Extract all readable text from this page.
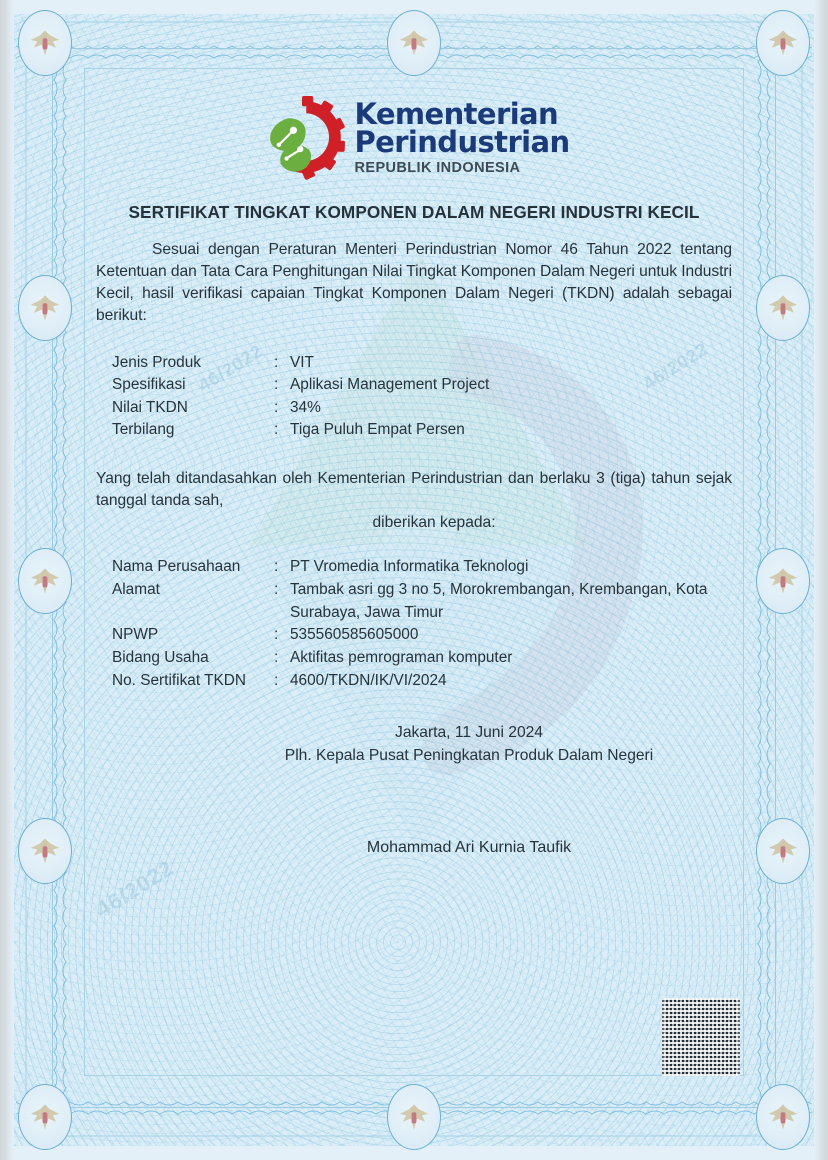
46/2022
46/2022	46/2022
Kementerian
Perindustrian
REPUBLIK INDONESIA
SERTIFIKAT TINGKAT KOMPONEN DALAM NEGERI INDUSTRI KECIL

Sesuai dengan Peraturan Menteri Perindustrian Nomor 46 Tahun 2022 tentang Ketentuan dan Tata Cara Penghitungan Nilai Tingkat Komponen Dalam Negeri untuk Industri Kecil, hasil verifikasi capaian Tingkat Komponen Dalam Negeri (TKDN) adalah sebagai berikut:

Jenis Produk	:	VIT
Spesifikasi	:	Aplikasi Management Project
Nilai TKDN	:	34%
Terbilang	:	Tiga Puluh Empat Persen

Yang telah ditandasahkan oleh Kementerian Perindustrian dan berlaku 3 (tiga) tahun sejak tanggal tanda sah,

diberikan kepada:
Nama Perusahaan	:	PT Vromedia Informatika Teknologi
Alamat	:	Tambak asri gg 3 no 5, Morokrembangan, Krembangan, Kota Surabaya, Jawa Timur
NPWP	:	535560585605000
Bidang Usaha	:	Aktifitas pemrograman komputer
No. Sertifikat TKDN	:	4600/TKDN/IK/VI/2024
Jakarta, 11 Juni 2024
Plh. Kepala Pusat Peningkatan Produk Dalam Negeri
Mohammad Ari Kurnia Taufik
